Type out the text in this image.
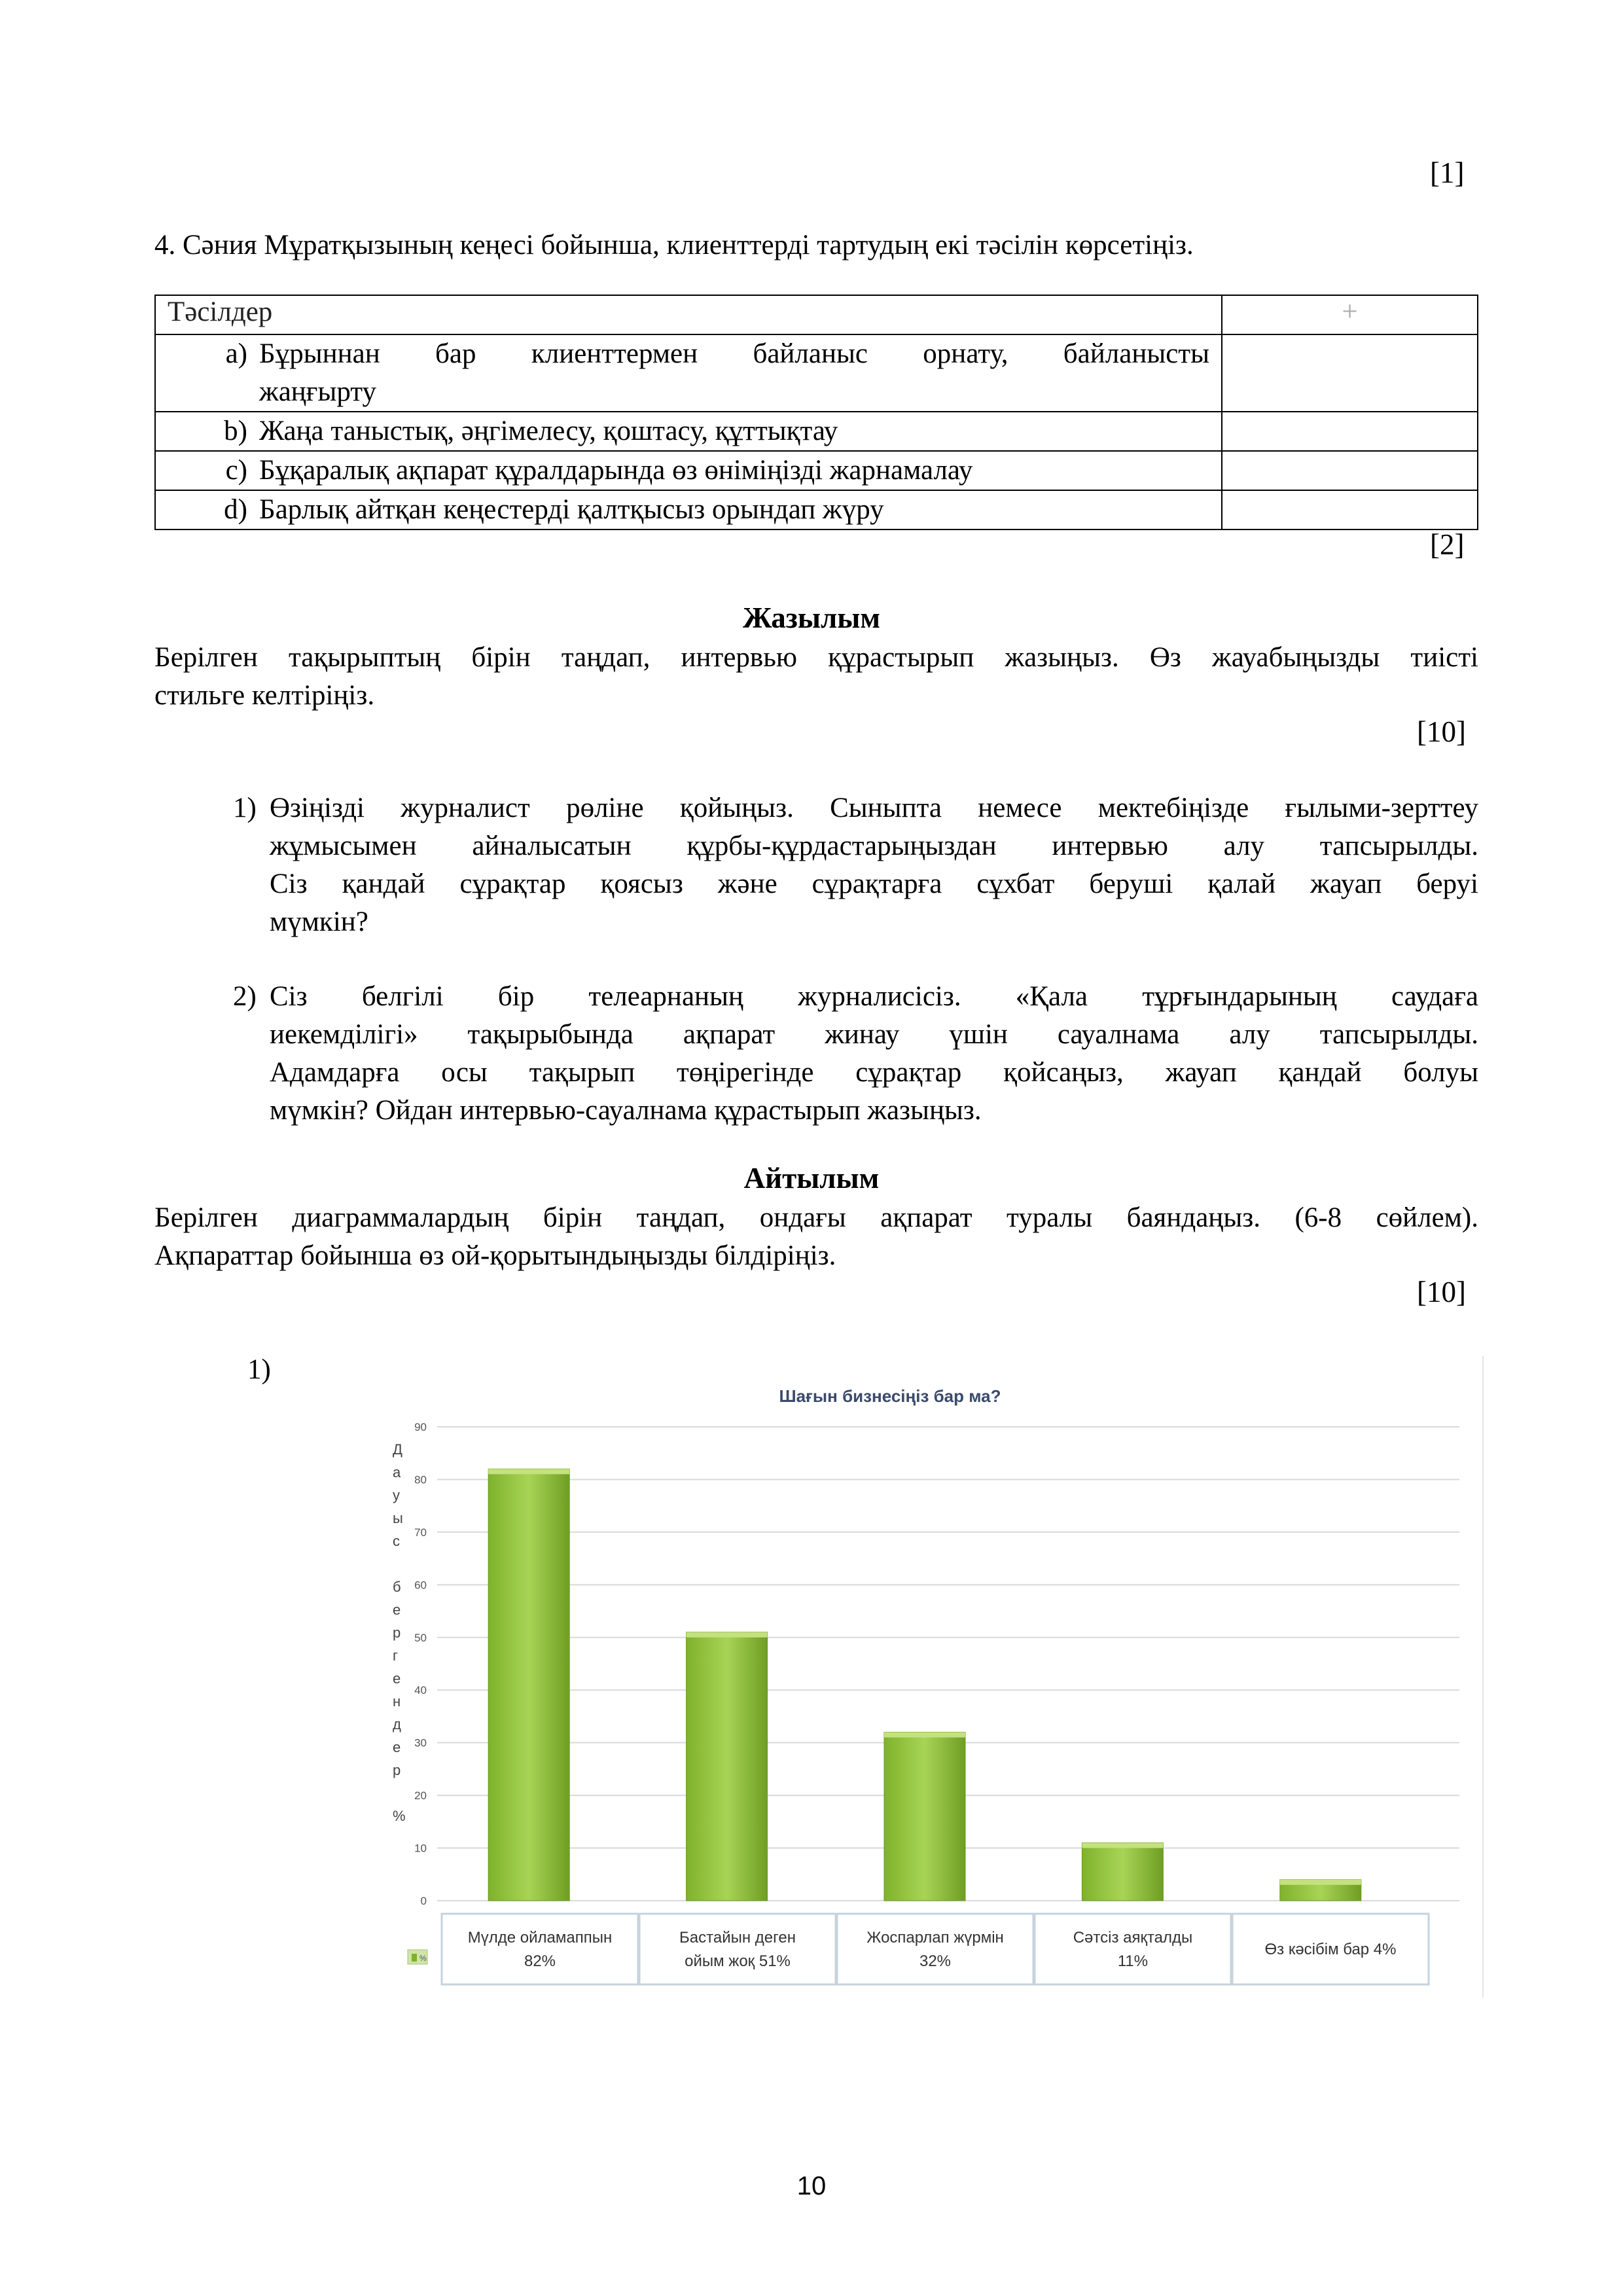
[1]
4. Сәния Мұратқызының кеңесі бойынша, клиенттерді тартудың екі тәсілін көрсетіңіз.
Тәсілдер	+

a) Бұрыннан бар клиенттермен байланыс орнату, байланысты
жаңғырту	

b) Жаңа таныстық, әңгімелесу, қоштасу, құттықтау	
c) Бұқаралық ақпарат құралдарында өз өніміңізді жарнамалау	
d) Барлық айтқан кеңестерді қалтқысыз орындап жүру	
[2]
Жазылым
Берілген тақырыптың бірін таңдап, интервью құрастырып жазыңыз. Өз жауабыңызды тиісті
стильге келтіріңіз.
[10]
1) Өзіңізді журналист рөліне қойыңыз. Сыныпта немесе мектебіңізде ғылыми-зерттеу
жұмысымен айналысатын құрбы-құрдастарыңыздан интервью алу тапсырылды.
Сіз қандай сұрақтар қоясыз және сұрақтарға сұхбат беруші қалай жауап беруі
мүмкін?
2) Сіз белгілі бір телеарнаның журналисісіз. «Қала тұрғындарының саудаға
иекемділігі» тақырыбында ақпарат жинау үшін сауалнама алу тапсырылды.
Адамдарға осы тақырып төңірегінде сұрақтар қойсаңыз, жауап қандай болуы
мүмкін? Ойдан интервью-сауалнама құрастырып жазыңыз.
Айтылым
Берілген диаграммалардың бірін таңдап, ондағы ақпарат туралы баяндаңыз. (6-8 сөйлем).
Ақпараттар бойынша өз ой-қорытындыңызды білдіріңіз.
[10]
1)
Шағын бизнесіңіз бар ма?
0
10
20
30
40
50
60
70
80
90
Д
а
у
ы
с
б
е
р
г
е
н
д
е
р
%
Мүлде ойламаппын
82%
Бастайын деген
ойым жоқ 51%
Жоспарлап жүрмін
32%
Сәтсіз аяқталды
11%
Өз кәсібім бар 4%
%
10
